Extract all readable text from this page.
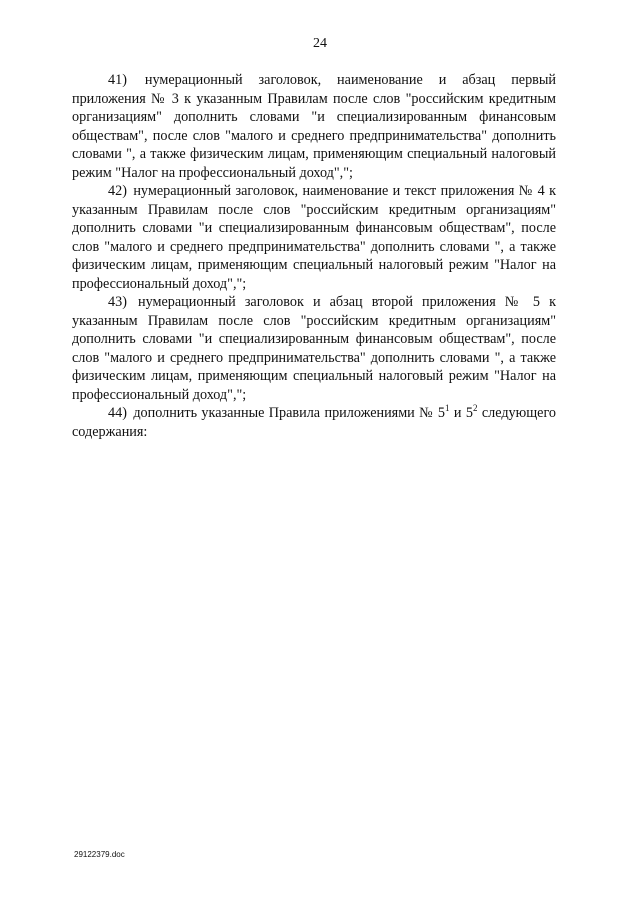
24

41) нумерационный заголовок, наименование и абзац первый приложения № 3 к указанным Правилам после слов "российским кредитным организациям" дополнить словами "и специализированным финансовым обществам", после слов "малого и среднего предпринимательства" дополнить словами ", а также физическим лицам, применяющим специальный налоговый режим "Налог на профессиональный доход",";

42) нумерационный заголовок, наименование и текст приложения № 4 к указанным Правилам после слов "российским кредитным организациям" дополнить словами "и специализированным финансовым обществам", после слов "малого и среднего предпринимательства" дополнить словами ", а также физическим лицам, применяющим специальный налоговый режим "Налог на профессиональный доход",";

43) нумерационный заголовок и абзац второй приложения № 5 к указанным Правилам после слов "российским кредитным организациям" дополнить словами "и специализированным финансовым обществам", после слов "малого и среднего предпринимательства" дополнить словами ", а также физическим лицам, применяющим специальный налоговый режим "Налог на профессиональный доход",";

44) дополнить указанные Правила приложениями № $5^1$ и $5^2$ следующего содержания:

29122379.doc
